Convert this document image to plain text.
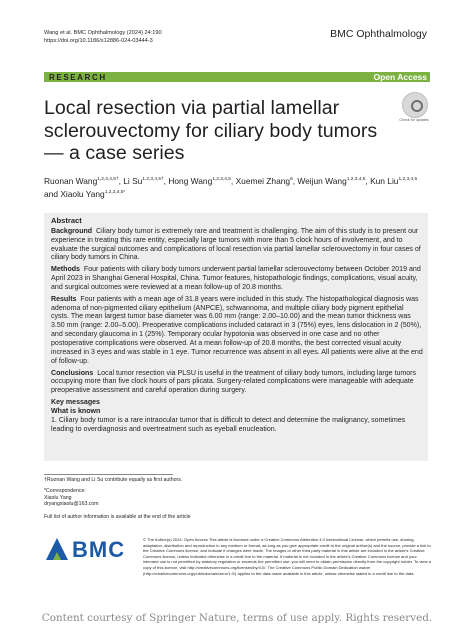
Wang et al. BMC Ophthalmology (2024) 24:190
https://doi.org/10.1186/s12886-024-03444-3
BMC Ophthalmology
RESEARCH	Open Access
Local resection via partial lamellar sclerouvectomy for ciliary body tumors — a case series
Check for updates
Ruonan Wang$^{1,2,3,4,5\dagger}$, Li $Su^{1,2,3,4,5\dagger}$, Hong Wang$^{1,2,3,4,5}$, Xuemei Zhang$^6$, Weijun Wang$^{1,2,3,4,5}$, Kun Liu$^{1,2,3,4,5}$ and Xiaolu Yang$^{1,2,3,4,5*}$
Abstract

Background Ciliary body tumor is extremely rare and treatment is challenging. The aim of this study is to present our experience in treating this rare entity, especially large tumors with more than 5 clock hours of involvement, and to evaluate the surgical outcomes and complications of local resection via partial lamellar sclerouvectomy in four cases of ciliary body tumors in China.

Methods Four patients with ciliary body tumors underwent partial lamellar sclerouvectomy between October 2019 and April 2023 in Shanghai General Hospital, China. Tumor features, histopathologic findings, complications, visual acuity, and surgical outcomes were reviewed at a mean follow-up of 20.8 months.

Results Four patients with a mean age of 31.8 years were included in this study. The histopathological diagnosis was adenoma of non-pigmented ciliary epithelium (ANPCE), schwannoma, and multiple ciliary body pigment epithelial cysts. The mean largest tumor base diameter was 6.00 mm (range: 2.00–10.00) and the mean tumor thickness was 3.50 mm (range: 2.00–5.00). Preoperative complications included cataract in 3 (75%) eyes, lens dislocation in 2 (50%), and secondary glaucoma in 1 (25%). Temporary ocular hypotonia was observed in one case and no other postoperative complications were observed. At a mean follow-up of 20.8 months, the best corrected visual acuity increased in 3 eyes and was stable in 1 eye. Tumor recurrence was absent in all eyes. All patients were alive at the end of follow-up.

Conclusions Local tumor resection via PLSU is useful in the treatment of ciliary body tumors, including large tumors occupying more than five clock hours of pars plicata. Surgery-related complications were manageable with adequate preoperative assessment and careful operation during surgery.

Key messages
What is known
1. Ciliary body tumor is a rare intraocular tumor that is difficult to detect and determine the malignancy, sometimes leading to overdiagnosis and overtreatment such as eyeball enucleation.
†Ruonan Wang and Li Su contribute equally as first authors.
*Correspondence:
Xiaolu Yang
dryangxiaolu@163.com
Full list of author information is available at the end of the article
BMC	© The Author(s) 2024. Open Access This article is licensed under a Creative Commons Attribution 4.0 International License, which permits use, sharing, adaptation, distribution and reproduction in any medium or format, as long as you give appropriate credit to the original author(s) and the source, provide a link to the Creative Commons licence, and indicate if changes were made. The images or other third party material in this article are included in the article's Creative Commons licence, unless indicated otherwise in a credit line to the material. If material is not included in the article's Creative Commons licence and your intended use is not permitted by statutory regulation or exceeds the permitted use, you will need to obtain permission directly from the copyright holder. To view a copy of this licence, visit http://creativecommons.org/licenses/by/4.0/. The Creative Commons Public Domain Dedication waiver (http://creativecommons.org/publicdomain/zero/1.0/) applies to the data made available in this article, unless otherwise stated in a credit line to the data.
Content courtesy of Springer Nature, terms of use apply. Rights reserved.
